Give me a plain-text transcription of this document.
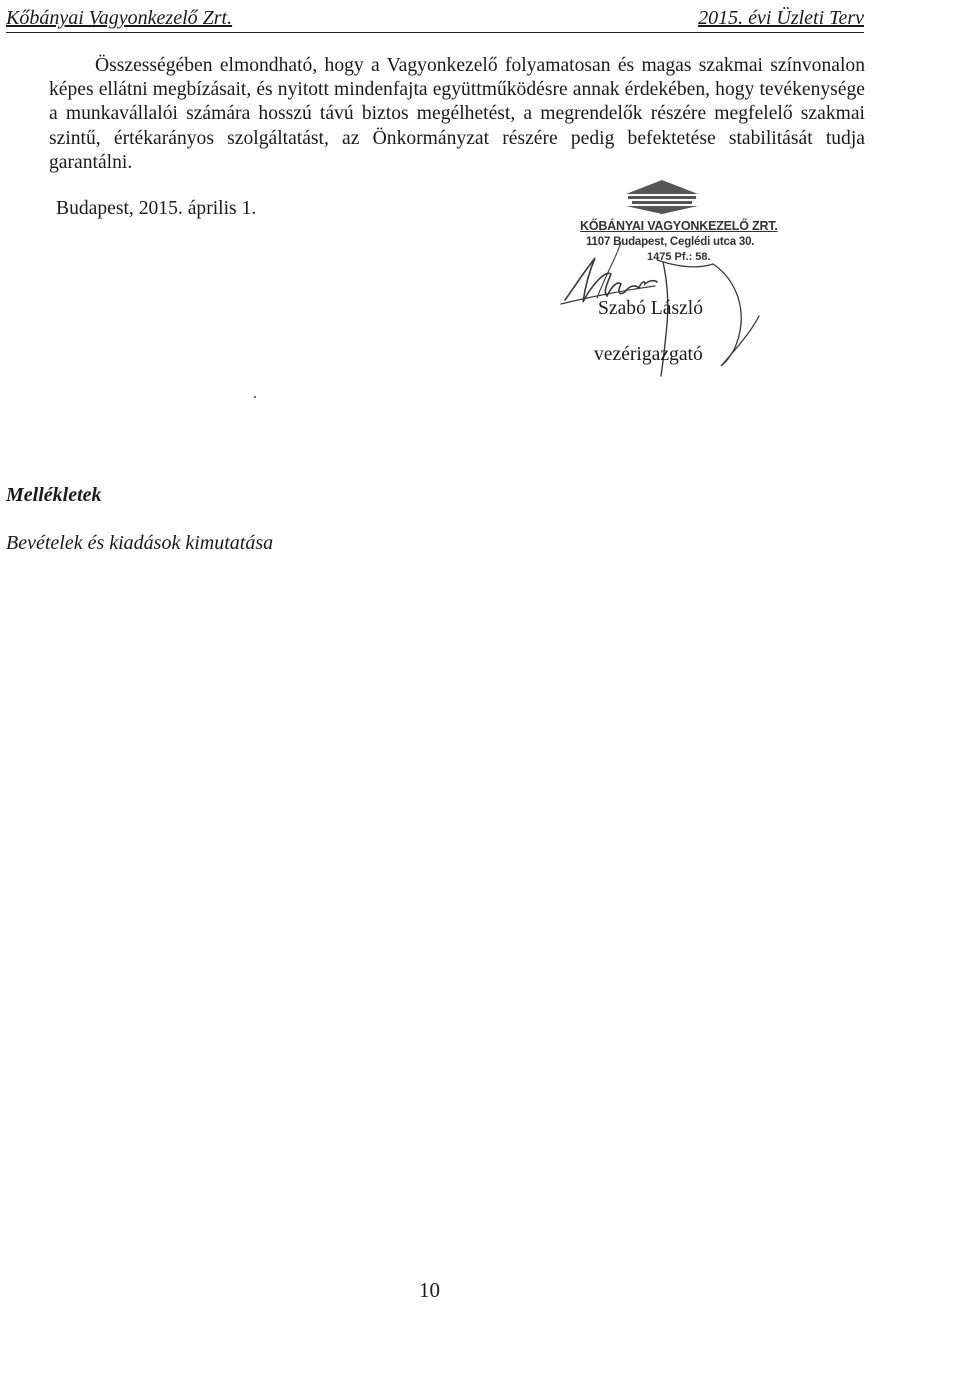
Kőbányai Vagyonkezelő Zrt.	2015. évi Üzleti Terv

Összességében elmondható, hogy a Vagyonkezelő folyamatosan és magas szakmai színvonalon képes ellátni megbízásait, és nyitott mindenfajta együttműködésre annak érdekében, hogy tevékenysége a munkavállalói számára hosszú távú biztos megélhetést, a megrendelők részére megfelelő szakmai szintű, értékarányos szolgáltatást, az Önkormányzat részére pedig befektetése stabilitását tudja garantálni.

Budapest, 2015. április 1.
KŐBÁNYAI VAGYONKEZELŐ ZRT.
1107 Budapest, Ceglédi utca 30.
1475 Pf.: 58.
Szabó László
vezérigazgató
Mellékletek
Bevételek és kiadások kimutatása
10
